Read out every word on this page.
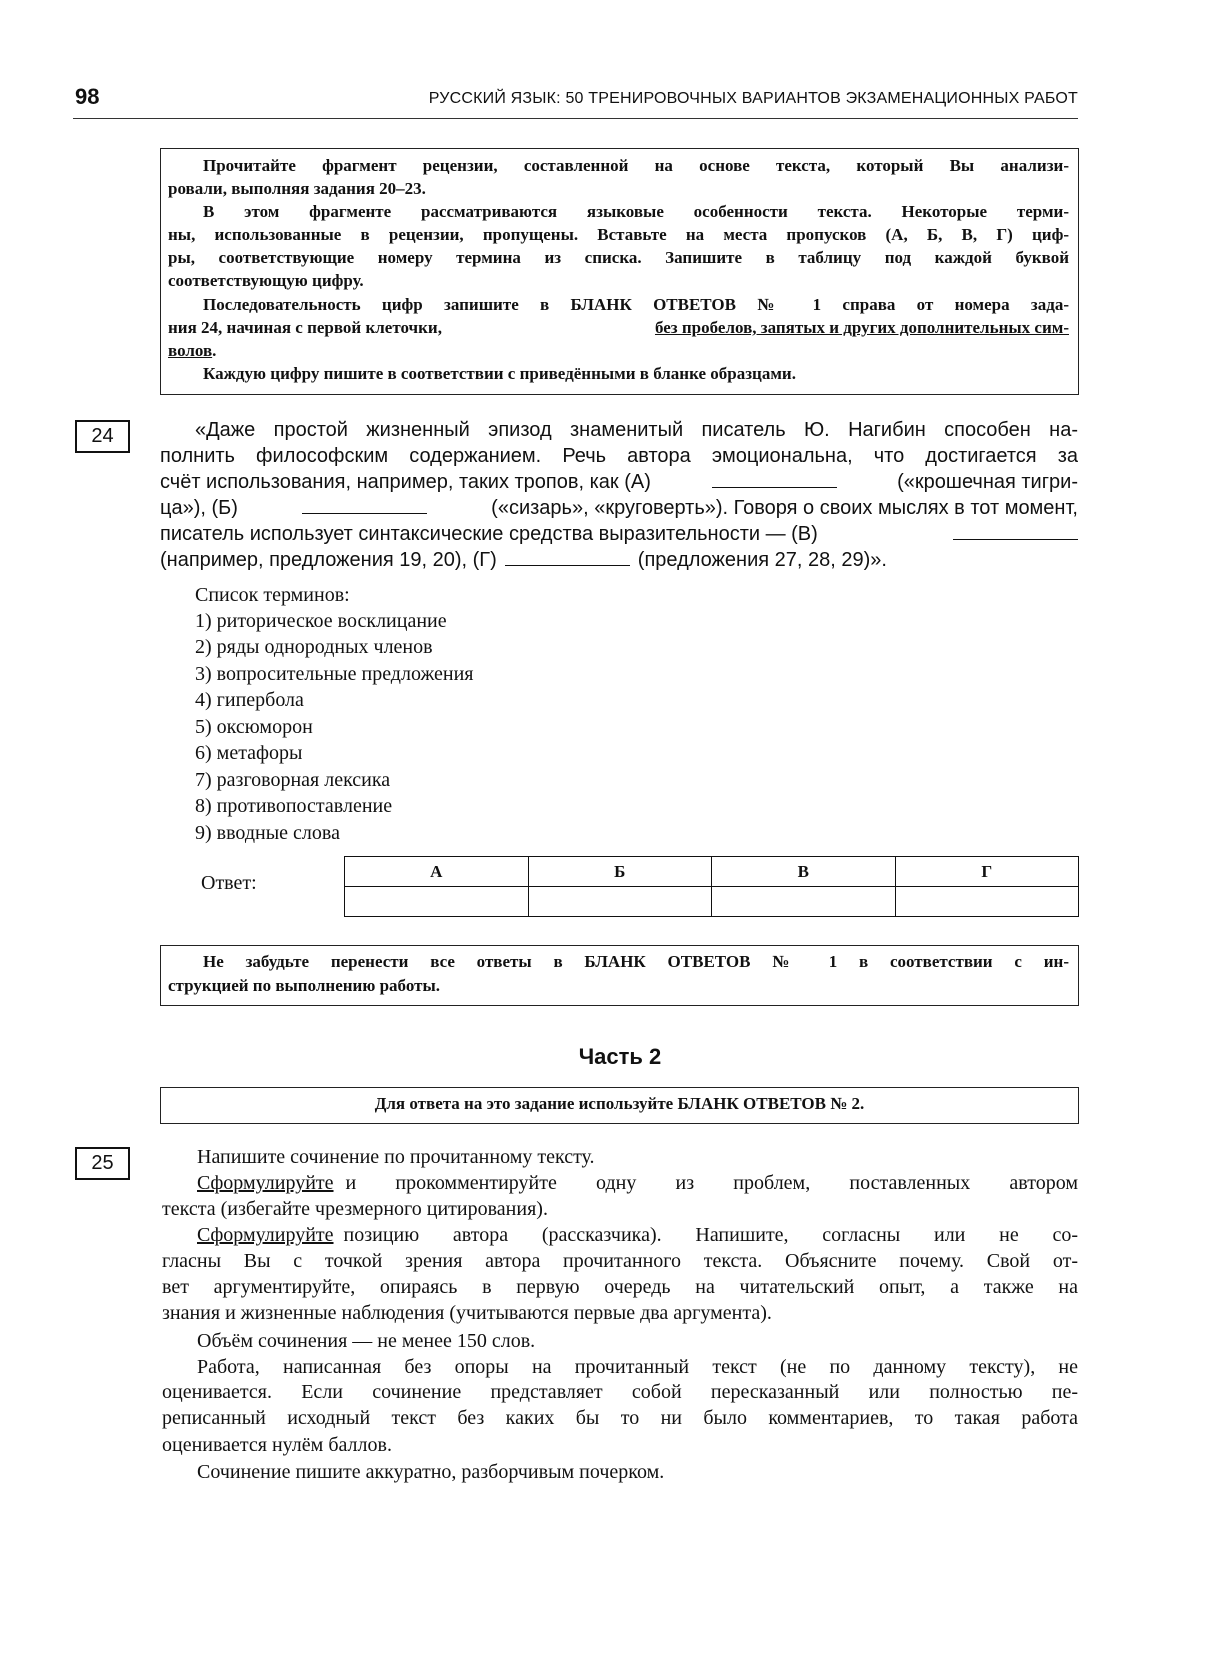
98	РУССКИЙ ЯЗЫК: 50 ТРЕНИРОВОЧНЫХ ВАРИАНТОВ ЭКЗАМЕНАЦИОННЫХ РАБОТ
Прочитайте фрагмент рецензии, составленной на основе текста, который Вы анализи-
ровали, выполняя задания 20–23.
В этом фрагменте рассматриваются языковые особенности текста. Некоторые терми-
ны, использованные в рецензии, пропущены. Вставьте на места пропусков (А, Б, В, Г) циф-
ры, соответствующие номеру термина из списка. Запишите в таблицу под каждой буквой
соответствующую цифру.
Последовательность цифр запишите в БЛАНК ОТВЕТОВ № 1 справа от номера зада-
ния 24, начиная с первой клеточки,	без пробелов, запятых и других дополнительных сим-
волов.
Каждую цифру пишите в соответствии с приведёнными в бланке образцами.
24	«Даже простой жизненный эпизод знаменитый писатель Ю. Нагибин способен на-
полнить философским содержанием. Речь автора эмоциональна, что достигается за
счёт использования, например, таких тропов, как (А)	(«крошечная тигри-
ца»), (Б)	(«сизарь», «круговерть»). Говоря о своих мыслях в тот момент,
писатель использует синтаксические средства выразительности — (В)
(например, предложения 19, 20), (Г)	(предложения 27, 28, 29)».
Список терминов:
1) риторическое восклицание
2) ряды однородных членов
3) вопросительные предложения
4) гипербола
5) оксюморон
6) метафоры
7) разговорная лексика
8) противопоставление
9) вводные слова
Ответ:
А	Б	В	Г

Не забудьте перенести все ответы в БЛАНК ОТВЕТОВ № 1 в соответствии с ин-
струкцией по выполнению работы.
Часть 2
Для ответа на это задание используйте БЛАНК ОТВЕТОВ № 2.
25	Напишите сочинение по прочитанному тексту.
Сформулируйте и прокомментируйте одну из проблем, поставленных автором
текста (избегайте чрезмерного цитирования).
Сформулируйте позицию автора (рассказчика). Напишите, согласны или не со-
гласны Вы с точкой зрения автора прочитанного текста. Объясните почему. Свой от-
вет аргументируйте, опираясь в первую очередь на читательский опыт, а также на
знания и жизненные наблюдения (учитываются первые два аргумента).
Объём сочинения — не менее 150 слов.
Работа, написанная без опоры на прочитанный текст (не по данному тексту), не
оценивается. Если сочинение представляет собой пересказанный или полностью пе-
реписанный исходный текст без каких бы то ни было комментариев, то такая работа
оценивается нулём баллов.
Сочинение пишите аккуратно, разборчивым почерком.
